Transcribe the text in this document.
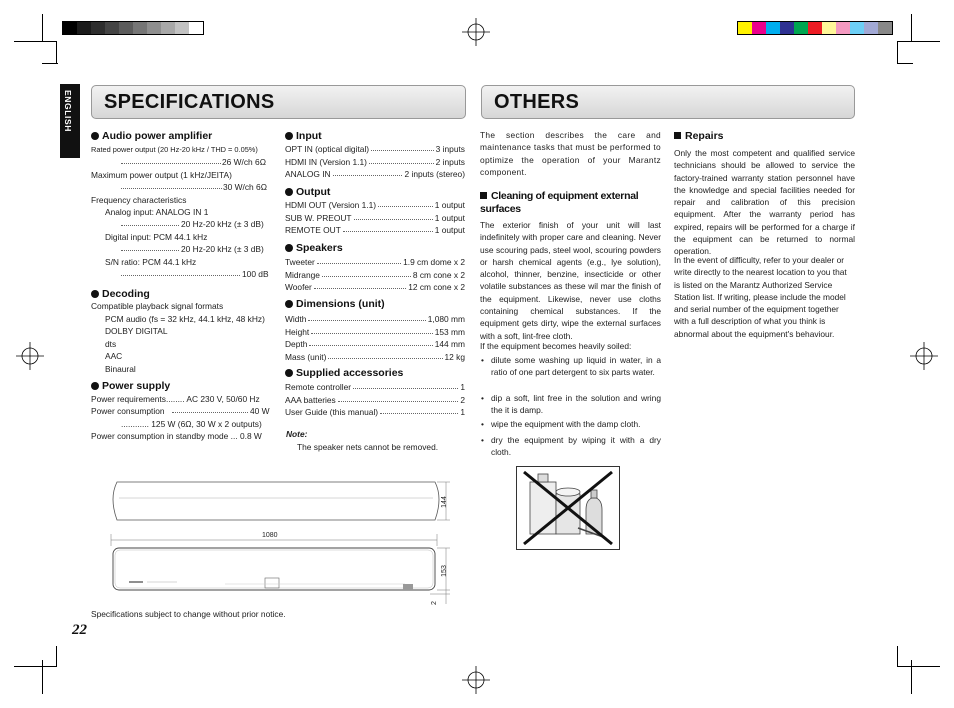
ENGLISH SPECIFICATIONS	OTHERS
Audio power amplifier
Rated power output (20 Hz-20 kHz / THD = 0.05%)
26 W/ch 6Ω
Maximum power output (1 kHz/JEITA)
30 W/ch 6Ω
Frequency characteristics
Analog input: ANALOG IN 1
20 Hz-20 kHz (± 3 dB)
Digital input: PCM 44.1 kHz
20 Hz-20 kHz (± 3 dB)
S/N ratio: PCM 44.1 kHz
100 dB
Decoding
Compatible playback signal formats
PCM audio (fs = 32 kHz, 44.1 kHz, 48 kHz)
DOLBY DIGITAL
dts
AAC
Binaural
Power supply
Power requirements........ AC 230 V, 50/60 Hz
Power consumption	40 W
............ 125 W (6Ω, 30 W x 2 outputs)
Power consumption in standby mode ... 0.8 W
Input
OPT IN (optical digital)	3 inputs
HDMI IN (Version 1.1)	2 inputs
ANALOG IN	2 inputs (stereo)
Output
HDMI OUT (Version 1.1)	1 output
SUB W. PREOUT	1 output
REMOTE OUT	1 output
Speakers
Tweeter	1.9 cm dome x 2
Midrange	8 cm cone x 2
Woofer	12 cm cone x 2
Dimensions (unit)
Width	1,080 mm
Height	153 mm
Depth	144 mm
Mass (unit)	12 kg
Supplied accessories
Remote controller	1
AAA batteries	2
User Guide (this manual)	1
Note:
The speaker nets cannot be removed.
1080
144
153
2
Specifications subject to change without prior notice.
The section describes the care and maintenance tasks that must be performed to optimize the operation of your Marantz component.
Cleaning of equipment external surfaces
The exterior finish of your unit will last indefinitely with proper care and cleaning. Never use scouring pads, steel wool, scouring powders or harsh chemical agents (e.g., lye solution), alcohol, thinner, benzine, insecticide or other volatile substances as these wil mar the finish of the equipment. Likewise, never use cloths containing chemical substances. If the equipment gets dirty, wipe the external surfaces with a soft, lint-free cloth.
If the equipment becomes heavily soiled:
• dilute some washing up liquid in water, in a ratio of one part detergent to six parts water.
• dip a soft, lint free in the solution and wring the it is damp.
• wipe the equipment with the damp cloth.
• dry the equipment by wiping it with a dry cloth.
Repairs
Only the most competent and qualified service technicians should be allowed to service the factory-trained warranty station personnel have the knowledge and special facilities needed for repair and calibration of this precision equipment. After the warranty period has expired, repairs will be performed for a charge if the equipment can be returned to normal operation.
In the event of difficulty, refer to your dealer or write directly to the nearest location to you that is listed on the Marantz Authorized Service Station list. If writing, please include the model and serial number of the equipment together with a full description of what you think is abnormal about the equipment's behaviour.
22
